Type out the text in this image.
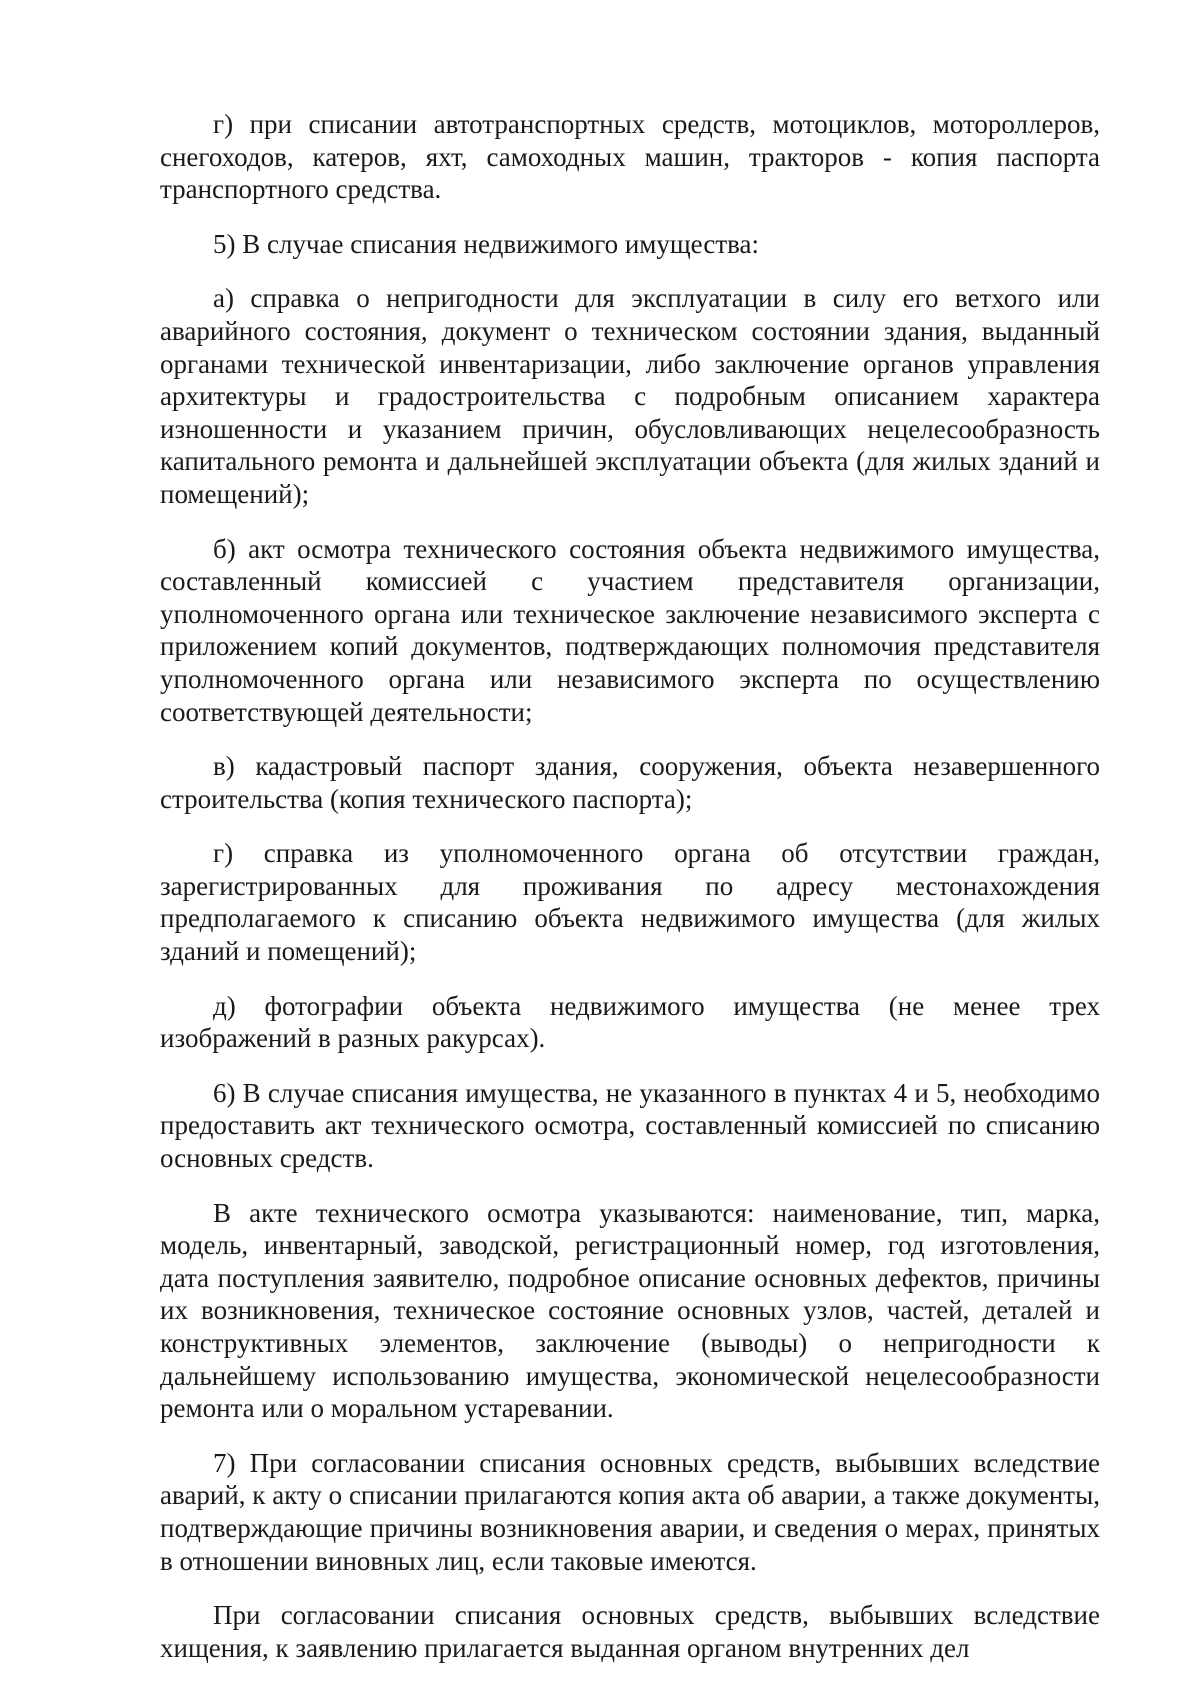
г) при списании автотранспортных средств, мотоциклов, мотороллеров, снегоходов, катеров, яхт, самоходных машин, тракторов - копия паспорта транспортного средства.

5) В случае списания недвижимого имущества:

а) справка о непригодности для эксплуатации в силу его ветхого или аварийного состояния, документ о техническом состоянии здания, выданный органами технической инвентаризации, либо заключение органов управления архитектуры и градостроительства с подробным описанием характера изношенности и указанием причин, обусловливающих нецелесообразность капитального ремонта и дальнейшей эксплуатации объекта (для жилых зданий и помещений);

б) акт осмотра технического состояния объекта недвижимого имущества, составленный комиссией с участием представителя организации, уполномоченного органа или техническое заключение независимого эксперта с приложением копий документов, подтверждающих полномочия представителя уполномоченного органа или независимого эксперта по осуществлению соответствующей деятельности;

в) кадастровый паспорт здания, сооружения, объекта незавершенного строительства (копия технического паспорта);

г) справка из уполномоченного органа об отсутствии граждан, зарегистрированных для проживания по адресу местонахождения предполагаемого к списанию объекта недвижимого имущества (для жилых зданий и помещений);

д) фотографии объекта недвижимого имущества (не менее трех изображений в разных ракурсах).

6) В случае списания имущества, не указанного в пунктах 4 и 5, необходимо предоставить акт технического осмотра, составленный комиссией по списанию основных средств.

В акте технического осмотра указываются: наименование, тип, марка, модель, инвентарный, заводской, регистрационный номер, год изготовления, дата поступления заявителю, подробное описание основных дефектов, причины их возникновения, техническое состояние основных узлов, частей, деталей и конструктивных элементов, заключение (выводы) о непригодности к дальнейшему использованию имущества, экономической нецелесообразности ремонта или о моральном устаревании.

7) При согласовании списания основных средств, выбывших вследствие аварий, к акту о списании прилагаются копия акта об аварии, а также документы, подтверждающие причины возникновения аварии, и сведения о мерах, принятых в отношении виновных лиц, если таковые имеются.

При согласовании списания основных средств, выбывших вследствие хищения, к заявлению прилагается выданная органом внутренних дел
